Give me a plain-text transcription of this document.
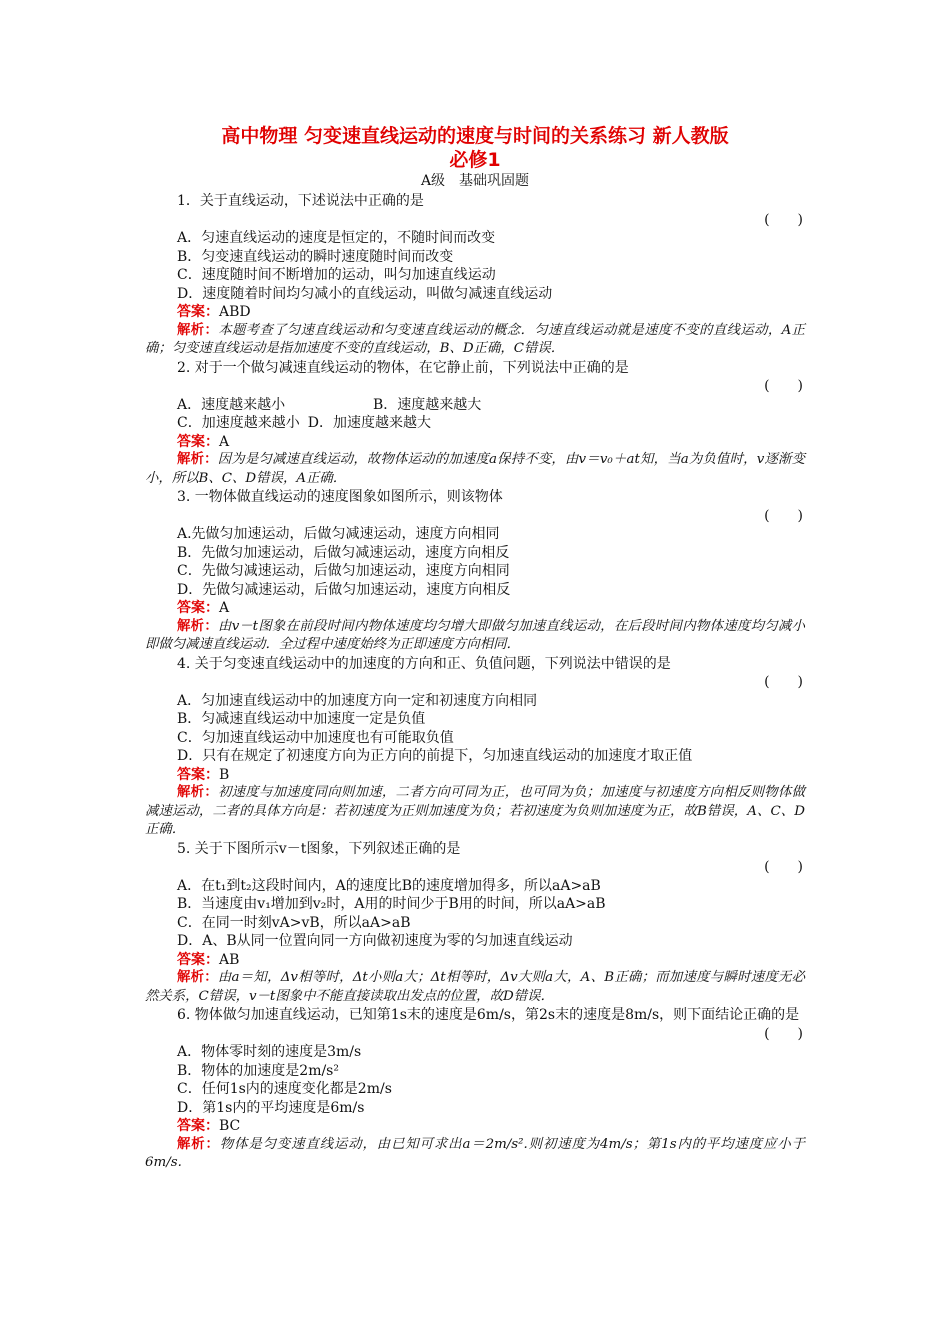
高中物理 匀变速直线运动的速度与时间的关系练习 新人教版
必修1
A级　基础巩固题
1．关于直线运动，下述说法中正确的是
(　　)
A．匀速直线运动的速度是恒定的，不随时间而改变
B．匀变速直线运动的瞬时速度随时间而改变
C．速度随时间不断增加的运动，叫匀加速直线运动
D．速度随着时间均匀减小的直线运动，叫做匀减速直线运动
答案：ABD
解析：本题考查了匀速直线运动和匀变速直线运动的概念．匀速直线运动就是速度不变的直线运动，A正确；匀变速直线运动是指加速度不变的直线运动，B、D正确，C错误．
2. 对于一个做匀减速直线运动的物体，在它静止前，下列说法中正确的是
(　　)
A．速度越来越小	B．速度越来越大
C．加速度越来越小 D．加速度越来越大
答案：A
解析：因为是匀减速直线运动，故物体运动的加速度a保持不变，由v＝v₀＋at知，当a为负值时，v逐渐变小，所以B、C、D错误，A正确．
3. 一物体做直线运动的速度图象如图所示，则该物体
(　　)
A.先做匀加速运动，后做匀减速运动，速度方向相同
B．先做匀加速运动，后做匀减速运动，速度方向相反
C．先做匀减速运动，后做匀加速运动，速度方向相同
D．先做匀减速运动，后做匀加速运动，速度方向相反
答案：A
解析：由v－t图象在前段时间内物体速度均匀增大即做匀加速直线运动，在后段时间内物体速度均匀减小即做匀减速直线运动．全过程中速度始终为正即速度方向相同．
4. 关于匀变速直线运动中的加速度的方向和正、负值问题，下列说法中错误的是
(　　)
A．匀加速直线运动中的加速度方向一定和初速度方向相同
B．匀减速直线运动中加速度一定是负值
C．匀加速直线运动中加速度也有可能取负值
D．只有在规定了初速度方向为正方向的前提下，匀加速直线运动的加速度才取正值
答案：B
解析：初速度与加速度同向则加速，二者方向可同为正，也可同为负；加速度与初速度方向相反则物体做减速运动，二者的具体方向是：若初速度为正则加速度为负；若初速度为负则加速度为正，故B错误，A、C、D正确．
5. 关于下图所示v－t图象，下列叙述正确的是
(　　)
A．在t₁到t₂这段时间内，A的速度比B的速度增加得多，所以aA>aB
B．当速度由v₁增加到v₂时，A用的时间少于B用的时间，所以aA>aB
C．在同一时刻vA>vB，所以aA>aB
D．A、B从同一位置向同一方向做初速度为零的匀加速直线运动
答案：AB
解析：由a＝知，Δv相等时，Δt小则a大；Δt相等时，Δv大则a大，A、B正确；而加速度与瞬时速度无必然关系，C错误，v－t图象中不能直接读取出发点的位置，故D错误．
6. 物体做匀加速直线运动，已知第1s末的速度是6m/s，第2s末的速度是8m/s，则下面结论正确的是
(　　)
A．物体零时刻的速度是3m/s
B．物体的加速度是2m/s²
C．任何1s内的速度变化都是2m/s
D．第1s内的平均速度是6m/s
答案：BC
解析：物体是匀变速直线运动，由已知可求出a＝2m/s².则初速度为4m/s；第1s内的平均速度应小于6m/s.
